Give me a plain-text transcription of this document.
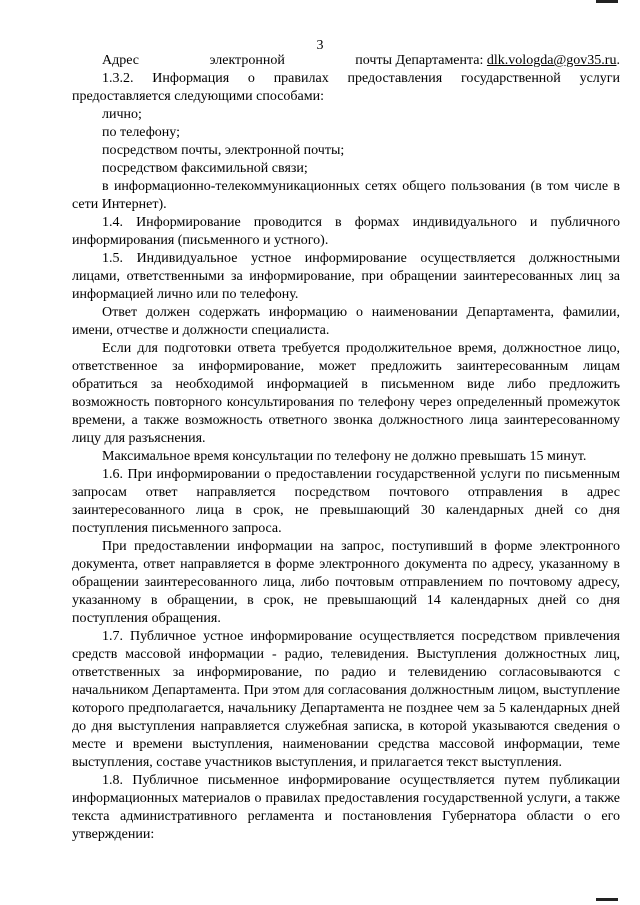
3
Адрес	электронной	почты Департамента: dlk.vologda@gov35.ru.

1.3.2. Информация о правилах предоставления государственной услуги предоставляется следующими способами:

лично;

по телефону;

посредством почты, электронной почты;

посредством факсимильной связи;

в информационно-телекоммуникационных сетях общего пользования (в том числе в сети Интернет).

1.4. Информирование проводится в формах индивидуального и публичного информирования (письменного и устного).

1.5. Индивидуальное устное информирование осуществляется должностными лицами, ответственными за информирование, при обращении заинтересованных лиц за информацией лично или по телефону.

Ответ должен содержать информацию о наименовании Департамента, фамилии, имени, отчестве и должности специалиста.

Если для подготовки ответа требуется продолжительное время, должностное лицо, ответственное за информирование, может предложить заинтересованным лицам обратиться за необходимой информацией в письменном виде либо предложить возможность повторного консультирования по телефону через определенный промежуток времени, а также возможность ответного звонка должностного лица заинтересованному лицу для разъяснения.

Максимальное время консультации по телефону не должно превышать 15 минут.

1.6. При информировании о предоставлении государственной услуги по письменным запросам ответ направляется посредством почтового отправления в адрес заинтересованного лица в срок, не превышающий 30 календарных дней со дня поступления письменного запроса.

При предоставлении информации на запрос, поступивший в форме электронного документа, ответ направляется в форме электронного документа по адресу, указанному в обращении заинтересованного лица, либо почтовым отправлением по почтовому адресу, указанному в обращении, в срок, не превышающий 14 календарных дней со дня поступления обращения.

1.7. Публичное устное информирование осуществляется посредством привлечения средств массовой информации - радио, телевидения. Выступления должностных лиц, ответственных за информирование, по радио и телевидению согласовываются с начальником Департамента. При этом для согласования должностным лицом, выступление которого предполагается, начальнику Департамента не позднее чем за 5 календарных дней до дня выступления направляется служебная записка, в которой указываются сведения о месте и времени выступления, наименовании средства массовой информации, теме выступления, составе участников выступления, и прилагается текст выступления.

1.8. Публичное письменное информирование осуществляется путем публикации информационных материалов о правилах предоставления государственной услуги, а также текста административного регламента и постановления Губернатора области о его утверждении:
